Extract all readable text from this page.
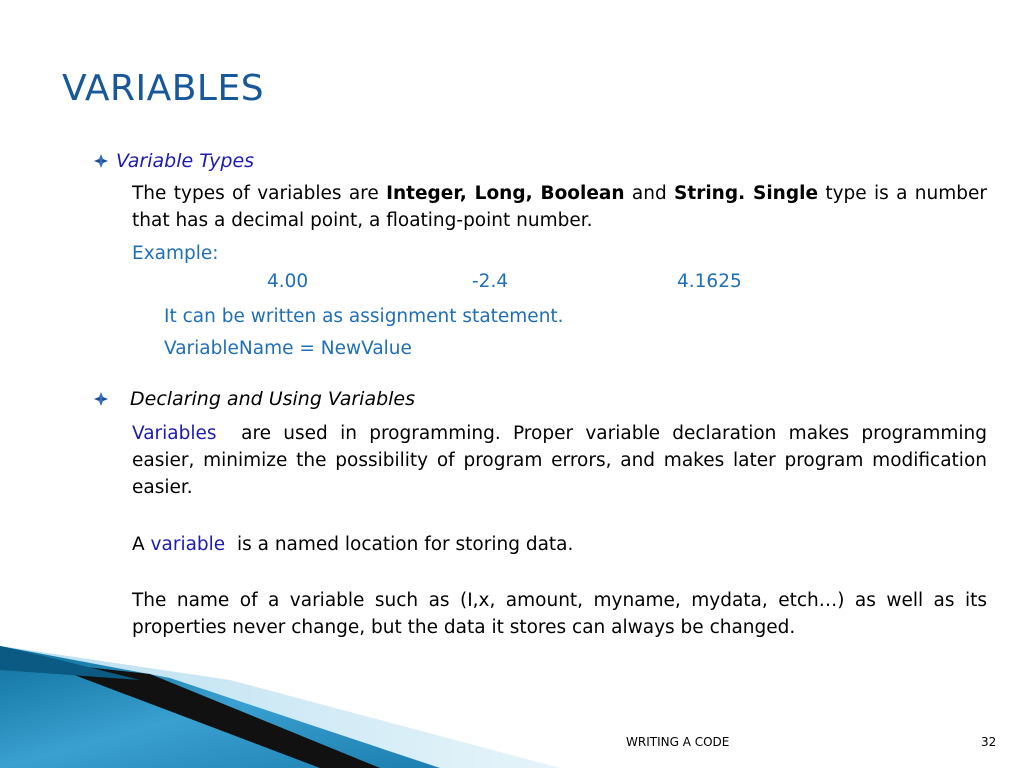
VARIABLES
Variable Types
The types of variables are Integer, Long, Boolean and String. Single type is a number that has a decimal point, a floating-point number.
Example:
4.00	-2.4	4.1625
It can be written as assignment statement.
VariableName = NewValue
Declaring and Using Variables
Variables  are used in programming. Proper variable declaration makes programming easier, minimize the possibility of program errors, and makes later program modification easier.
A variable  is a named location for storing data.
The name of a variable such as (I,x, amount, myname, mydata, etch…) as well as its properties never change, but the data it stores can always be changed.
WRITING A CODE	32
